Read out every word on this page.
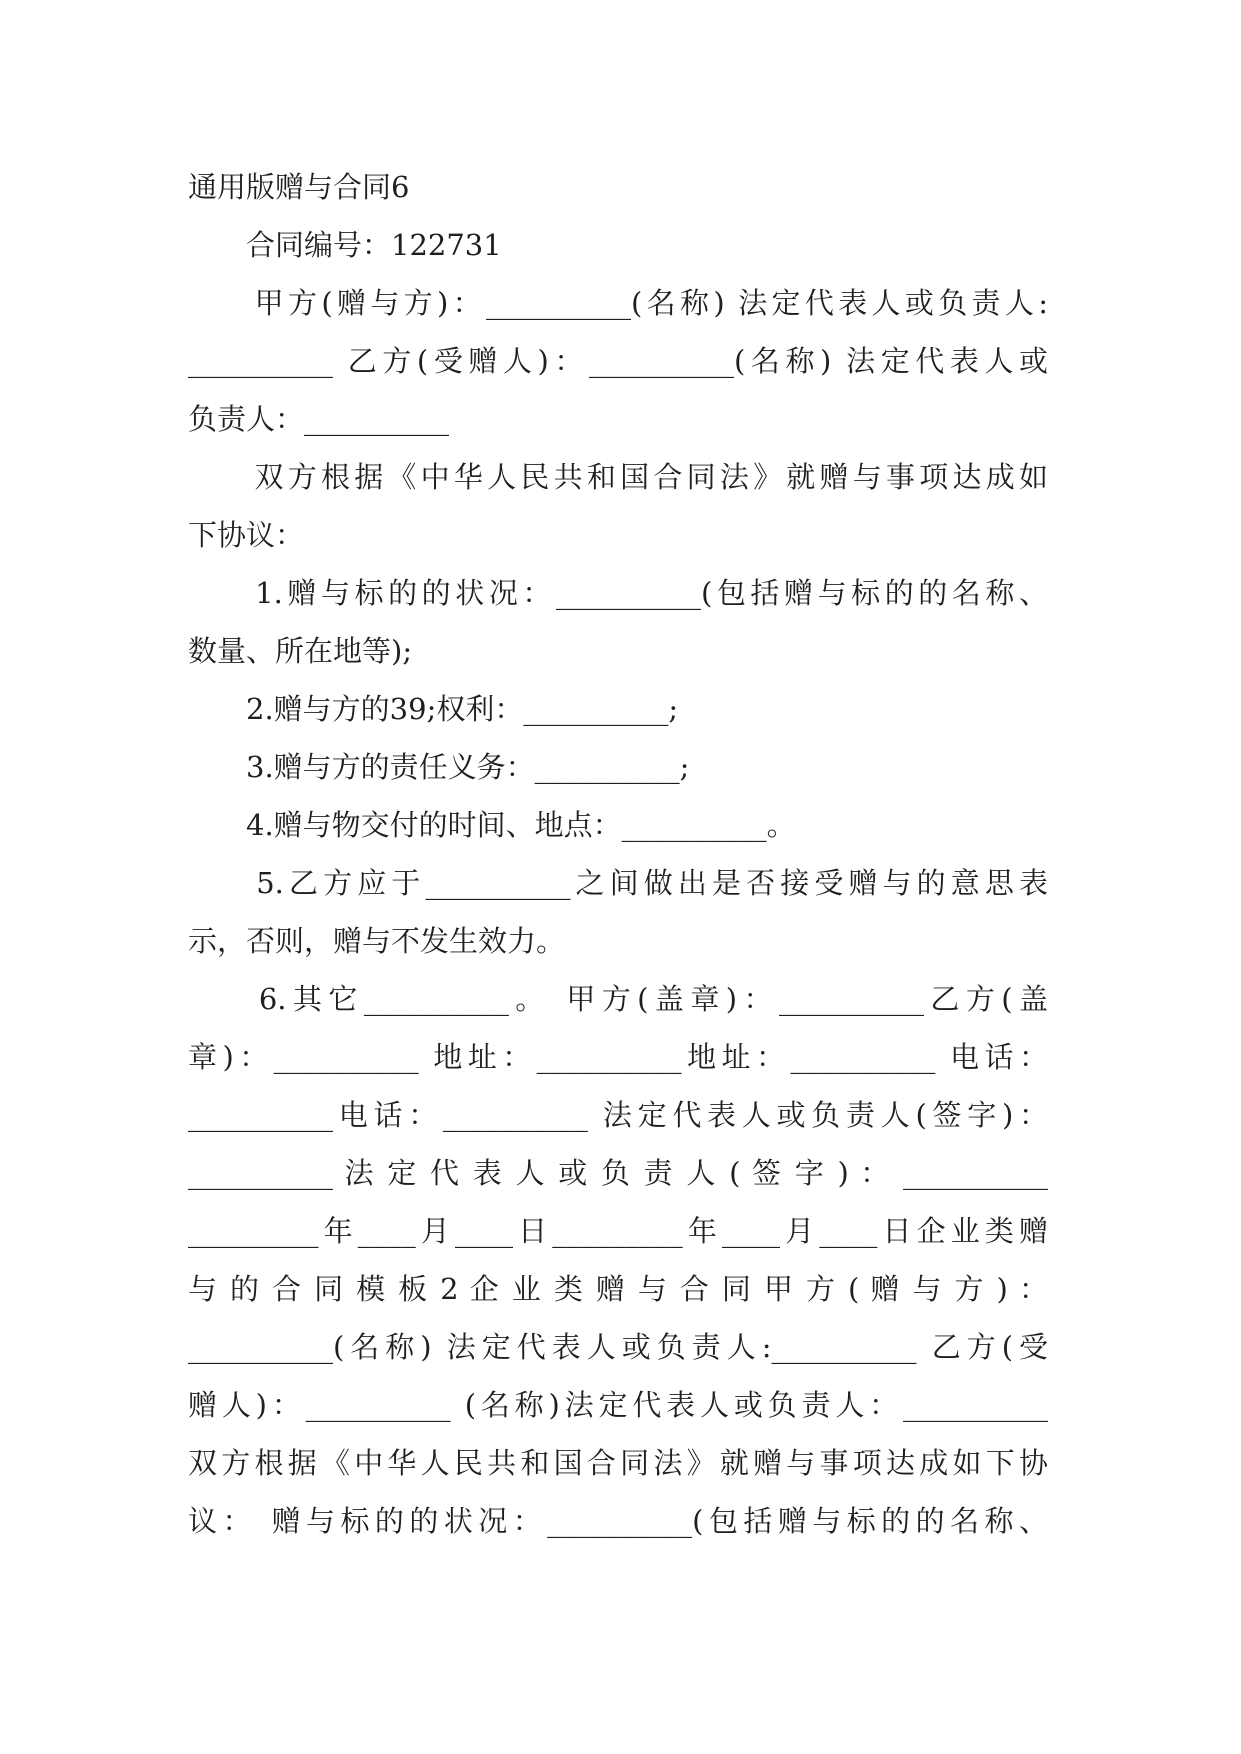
通用版赠与合同6
　　合同编号：122731
　　甲方(赠与方)：__________(名称) 法定代表人或负责人:
__________ 乙方(受赠人)：__________(名称) 法定代表人或
负责人：__________
　　双方根据《中华人民共和国合同法》就赠与事项达成如
下协议：
　　1.赠与标的的状况：__________(包括赠与标的的名称、
数量、所在地等);
　　2.赠与方的39;权利：__________;
　　3.赠与方的责任义务：__________;
　　4.赠与物交付的时间、地点：__________。
　　5.乙方应于__________之间做出是否接受赠与的意思表
示，否则，赠与不发生效力。
　　6.其它__________。 甲方(盖章)：__________乙方(盖
章)：__________ 地址：__________地址：__________ 电话：
__________电话：__________ 法定代表人或负责人(签字)：
__________ 法 定 代 表 人 或 负 责 人 ( 签 字 ) ： __________
_________年____月____日_________年____月____日企业类赠
与 的 合 同 模 板 2 企 业 类 赠 与 合 同 甲 方 ( 赠 与 方 ) ：
__________(名称) 法定代表人或负责人:__________ 乙方(受
赠人)：__________ (名称)法定代表人或负责人：__________
双方根据《中华人民共和国合同法》就赠与事项达成如下协
议： 赠与标的的状况：__________(包括赠与标的的名称、
